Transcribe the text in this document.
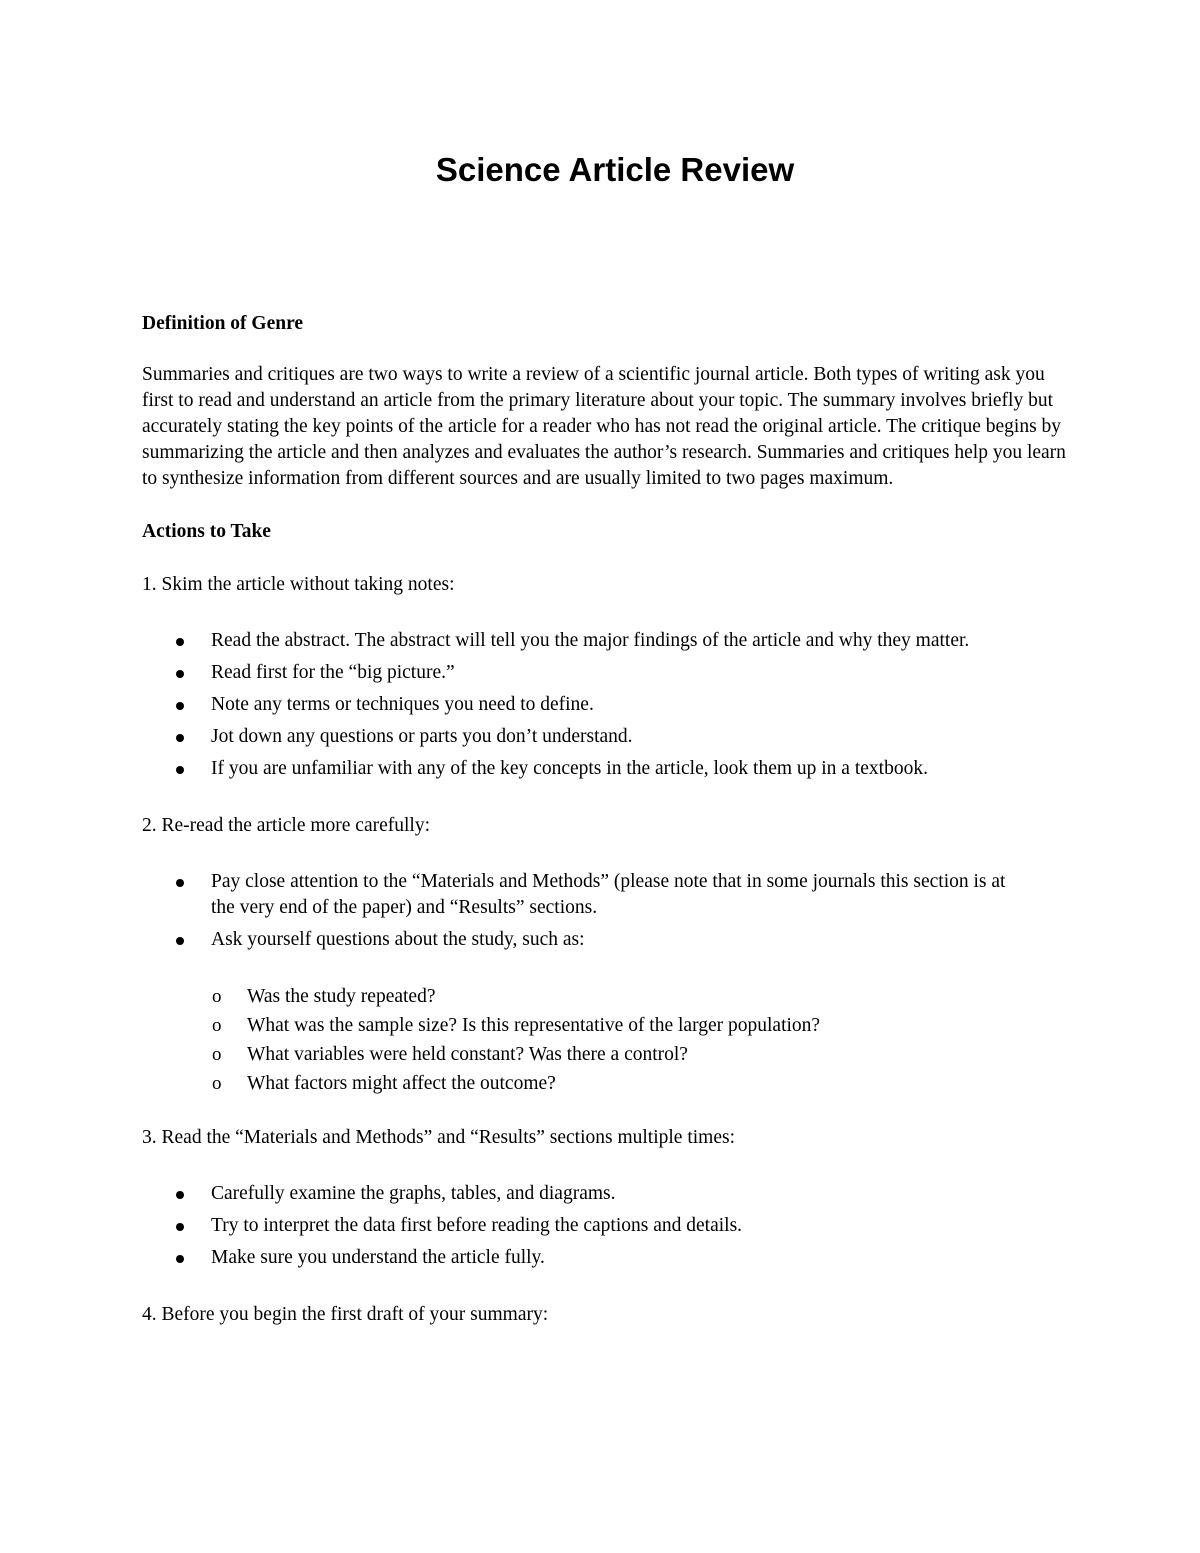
Science Article Review
Definition of Genre

Summaries and critiques are two ways to write a review of a scientific journal article. Both types of writing ask you first to read and understand an article from the primary literature about your topic. The summary involves briefly but accurately stating the key points of the article for a reader who has not read the original article. The critique begins by summarizing the article and then analyzes and evaluates the author’s research. Summaries and critiques help you learn to synthesize information from different sources and are usually limited to two pages maximum.

Actions to Take

1. Skim the article without taking notes:

Read the abstract. The abstract will tell you the major findings of the article and why they matter.
Read first for the “big picture.”
Note any terms or techniques you need to define.
Jot down any questions or parts you don’t understand.
If you are unfamiliar with any of the key concepts in the article, look them up in a textbook.

2. Re-read the article more carefully:

Pay close attention to the “Materials and Methods” (please note that in some journals this section is at the very end of the paper) and “Results” sections.
Ask yourself questions about the study, such as:
o Was the study repeated?
o What was the sample size? Is this representative of the larger population?
o What variables were held constant? Was there a control?
o What factors might affect the outcome?

3. Read the “Materials and Methods” and “Results” sections multiple times:

Carefully examine the graphs, tables, and diagrams.
Try to interpret the data first before reading the captions and details.
Make sure you understand the article fully.

4. Before you begin the first draft of your summary:
